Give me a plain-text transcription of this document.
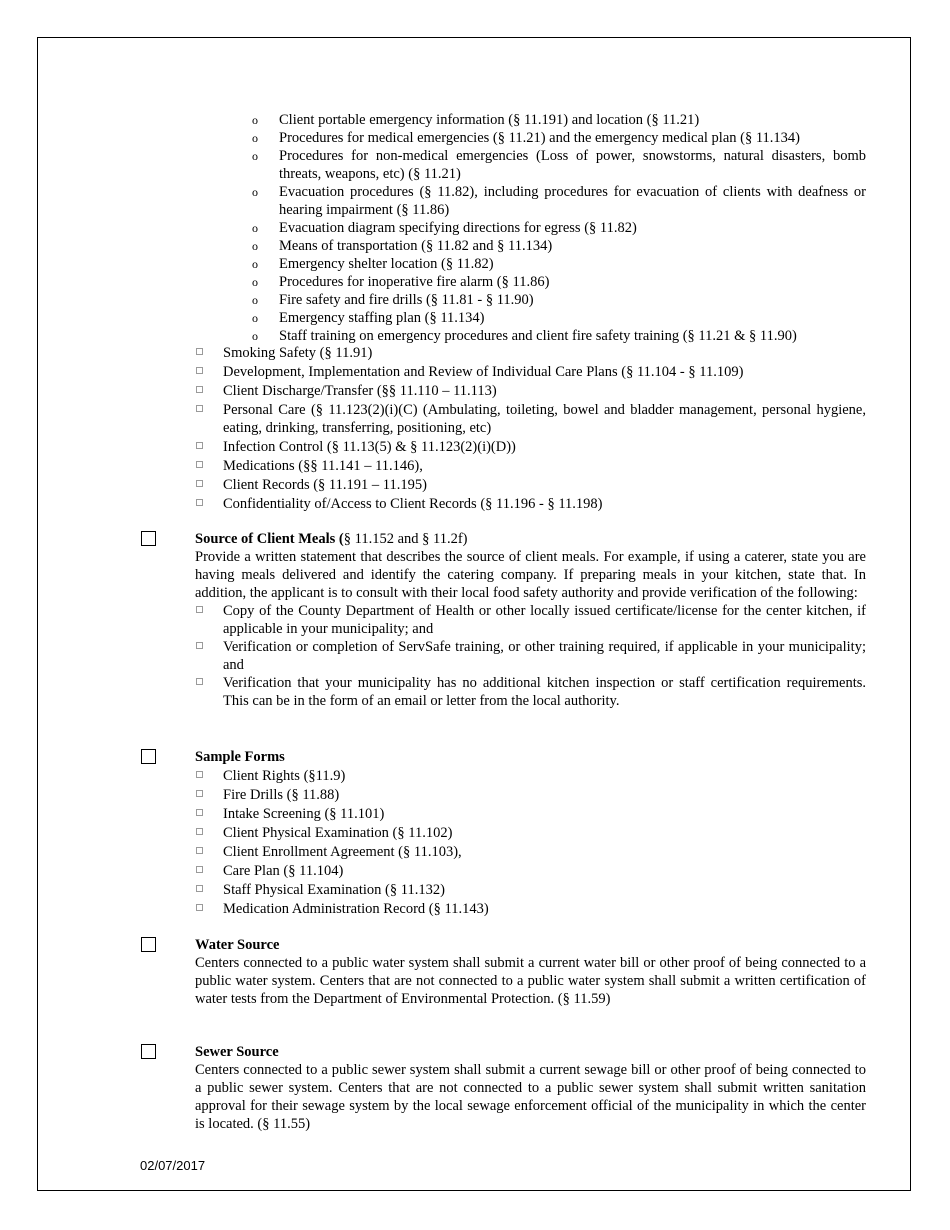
o Client portable emergency information (§ 11.191) and location (§ 11.21)
o Procedures for medical emergencies (§ 11.21) and the emergency medical plan (§ 11.134)
o Procedures for non-medical emergencies (Loss of power, snowstorms, natural disasters, bomb threats, weapons, etc) (§ 11.21)
o Evacuation procedures (§ 11.82), including procedures for evacuation of clients with deafness or hearing impairment (§ 11.86)
o Evacuation diagram specifying directions for egress (§ 11.82)
o Means of transportation (§ 11.82 and § 11.134)
o Emergency shelter location (§ 11.82)
o Procedures for inoperative fire alarm (§ 11.86)
o Fire safety and fire drills (§ 11.81 - § 11.90)
o Emergency staffing plan (§ 11.134)
o Staff training on emergency procedures and client fire safety training (§ 11.21 & § 11.90)
Smoking Safety (§ 11.91)
Development, Implementation and Review of Individual Care Plans (§ 11.104 - § 11.109)
Client Discharge/Transfer (§§ 11.110 – 11.113)
Personal Care (§ 11.123(2)(i)(C) (Ambulating, toileting, bowel and bladder management, personal hygiene, eating, drinking, transferring, positioning, etc)
Infection Control (§ 11.13(5) & § 11.123(2)(i)(D))
Medications (§§ 11.141 – 11.146),
Client Records (§ 11.191 – 11.195)
Confidentiality of/Access to Client Records (§ 11.196 - § 11.198)
Source of Client Meals (§ 11.152 and § 11.2f)
Provide a written statement that describes the source of client meals. For example, if using a caterer, state you are having meals delivered and identify the catering company. If preparing meals in your kitchen, state that. In addition, the applicant is to consult with their local food safety authority and provide verification of the following:
Copy of the County Department of Health or other locally issued certificate/license for the center kitchen, if applicable in your municipality; and
Verification or completion of ServSafe training, or other training required, if applicable in your municipality; and
Verification that your municipality has no additional kitchen inspection or staff certification requirements. This can be in the form of an email or letter from the local authority.
Sample Forms
Client Rights (§11.9)
Fire Drills (§ 11.88)
Intake Screening (§ 11.101)
Client Physical Examination (§ 11.102)
Client Enrollment Agreement (§ 11.103),
Care Plan (§ 11.104)
Staff Physical Examination (§ 11.132)
Medication Administration Record (§ 11.143)
Water Source
Centers connected to a public water system shall submit a current water bill or other proof of being connected to a public water system. Centers that are not connected to a public water system shall submit a written certification of water tests from the Department of Environmental Protection. (§ 11.59)
Sewer Source
Centers connected to a public sewer system shall submit a current sewage bill or other proof of being connected to a public sewer system. Centers that are not connected to a public sewer system shall submit written sanitation approval for their sewage system by the local sewage enforcement official of the municipality in which the center is located. (§ 11.55)
02/07/2017
